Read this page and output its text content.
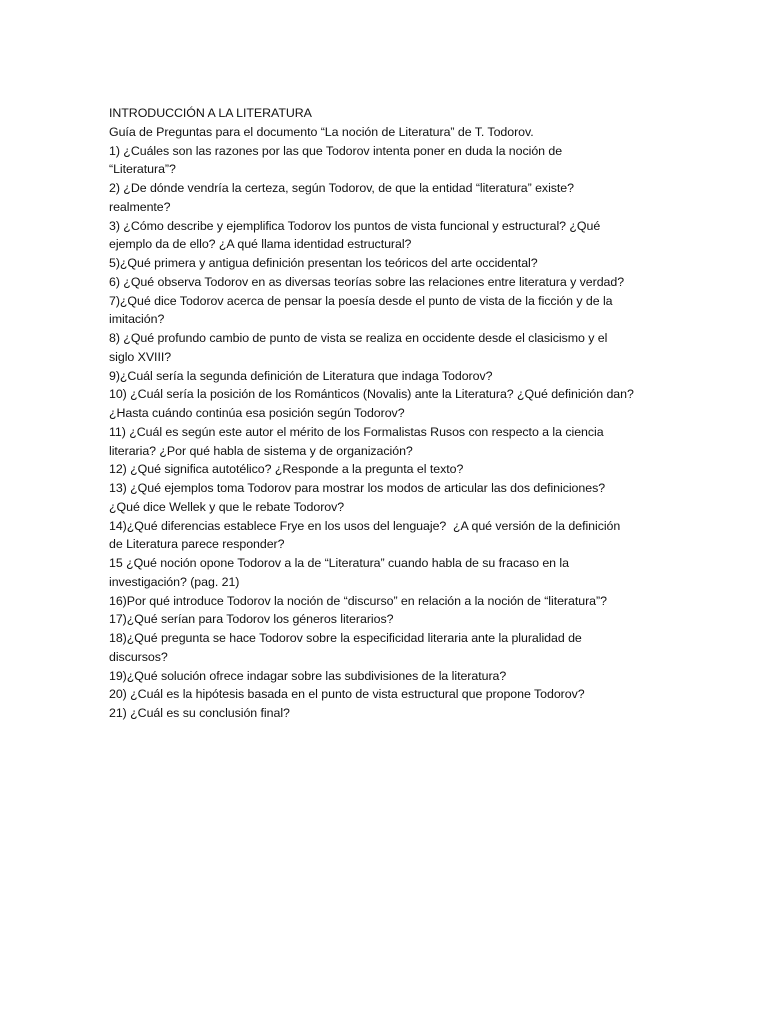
INTRODUCCIÓN A LA LITERATURA

Guía de Preguntas para el documento “La noción de Literatura” de T. Todorov.

1) ¿Cuáles son las razones por las que Todorov intenta poner en duda la noción de

“Literatura”?

2) ¿De dónde vendría la certeza, según Todorov, de que la entidad “literatura” existe?

realmente?

3) ¿Cómo describe y ejemplifica Todorov los puntos de vista funcional y estructural? ¿Qué

ejemplo da de ello? ¿A qué llama identidad estructural?

5)¿Qué primera y antigua definición presentan los teóricos del arte occidental?

6) ¿Qué observa Todorov en as diversas teorías sobre las relaciones entre literatura y verdad?

7)¿Qué dice Todorov acerca de pensar la poesía desde el punto de vista de la ficción y de la

imitación?

8) ¿Qué profundo cambio de punto de vista se realiza en occidente desde el clasicismo y el

siglo XVIII?

9)¿Cuál sería la segunda definición de Literatura que indaga Todorov?

10) ¿Cuál sería la posición de los Románticos (Novalis) ante la Literatura? ¿Qué definición dan?

¿Hasta cuándo continúa esa posición según Todorov?

11) ¿Cuál es según este autor el mérito de los Formalistas Rusos con respecto a la ciencia

literaria? ¿Por qué habla de sistema y de organización?

12) ¿Qué significa autotélico? ¿Responde a la pregunta el texto?

13) ¿Qué ejemplos toma Todorov para mostrar los modos de articular las dos definiciones?

¿Qué dice Wellek y que le rebate Todorov?

14)¿Qué diferencias establece Frye en los usos del lenguaje?  ¿A qué versión de la definición

de Literatura parece responder?

15 ¿Qué noción opone Todorov a la de “Literatura” cuando habla de su fracaso en la

investigación? (pag. 21)

16)Por qué introduce Todorov la noción de “discurso” en relación a la noción de “literatura”?

17)¿Qué serían para Todorov los géneros literarios?

18)¿Qué pregunta se hace Todorov sobre la especificidad literaria ante la pluralidad de

discursos?

19)¿Qué solución ofrece indagar sobre las subdivisiones de la literatura?

20) ¿Cuál es la hipótesis basada en el punto de vista estructural que propone Todorov?

21) ¿Cuál es su conclusión final?
